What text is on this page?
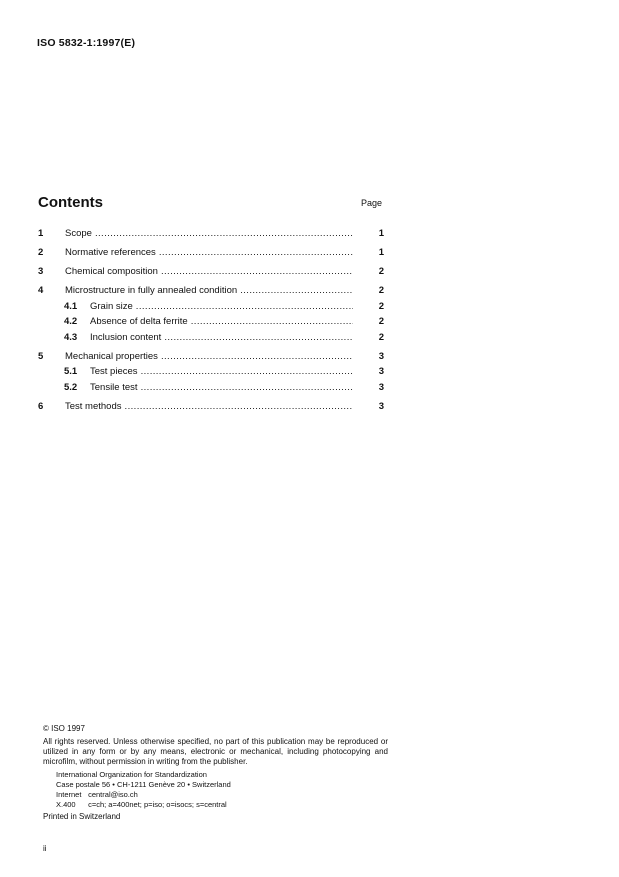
ISO 5832-1:1997(E)
Contents	Page
1 Scope .....	1
2 Normative references .....	1
3 Chemical composition .....	2
4 Microstructure in fully annealed condition .....	2
4.1 Grain size .....	2
4.2 Absence of delta ferrite .....	2
4.3 Inclusion content .....	2
5 Mechanical properties .....	3
5.1 Test pieces .....	3
5.2 Tensile test .....	3
6 Test methods .....	3
© ISO 1997
All rights reserved. Unless otherwise specified, no part of this publication may be reproduced or utilized in any form or by any means, electronic or mechanical, including photocopying and microfilm, without permission in writing from the publisher.
International Organization for Standardization
Case postale 56 • CH-1211 Genève 20 • Switzerland
Internet central@iso.ch
X.400 c=ch; a=400net; p=iso; o=isocs; s=central
Printed in Switzerland
ii
